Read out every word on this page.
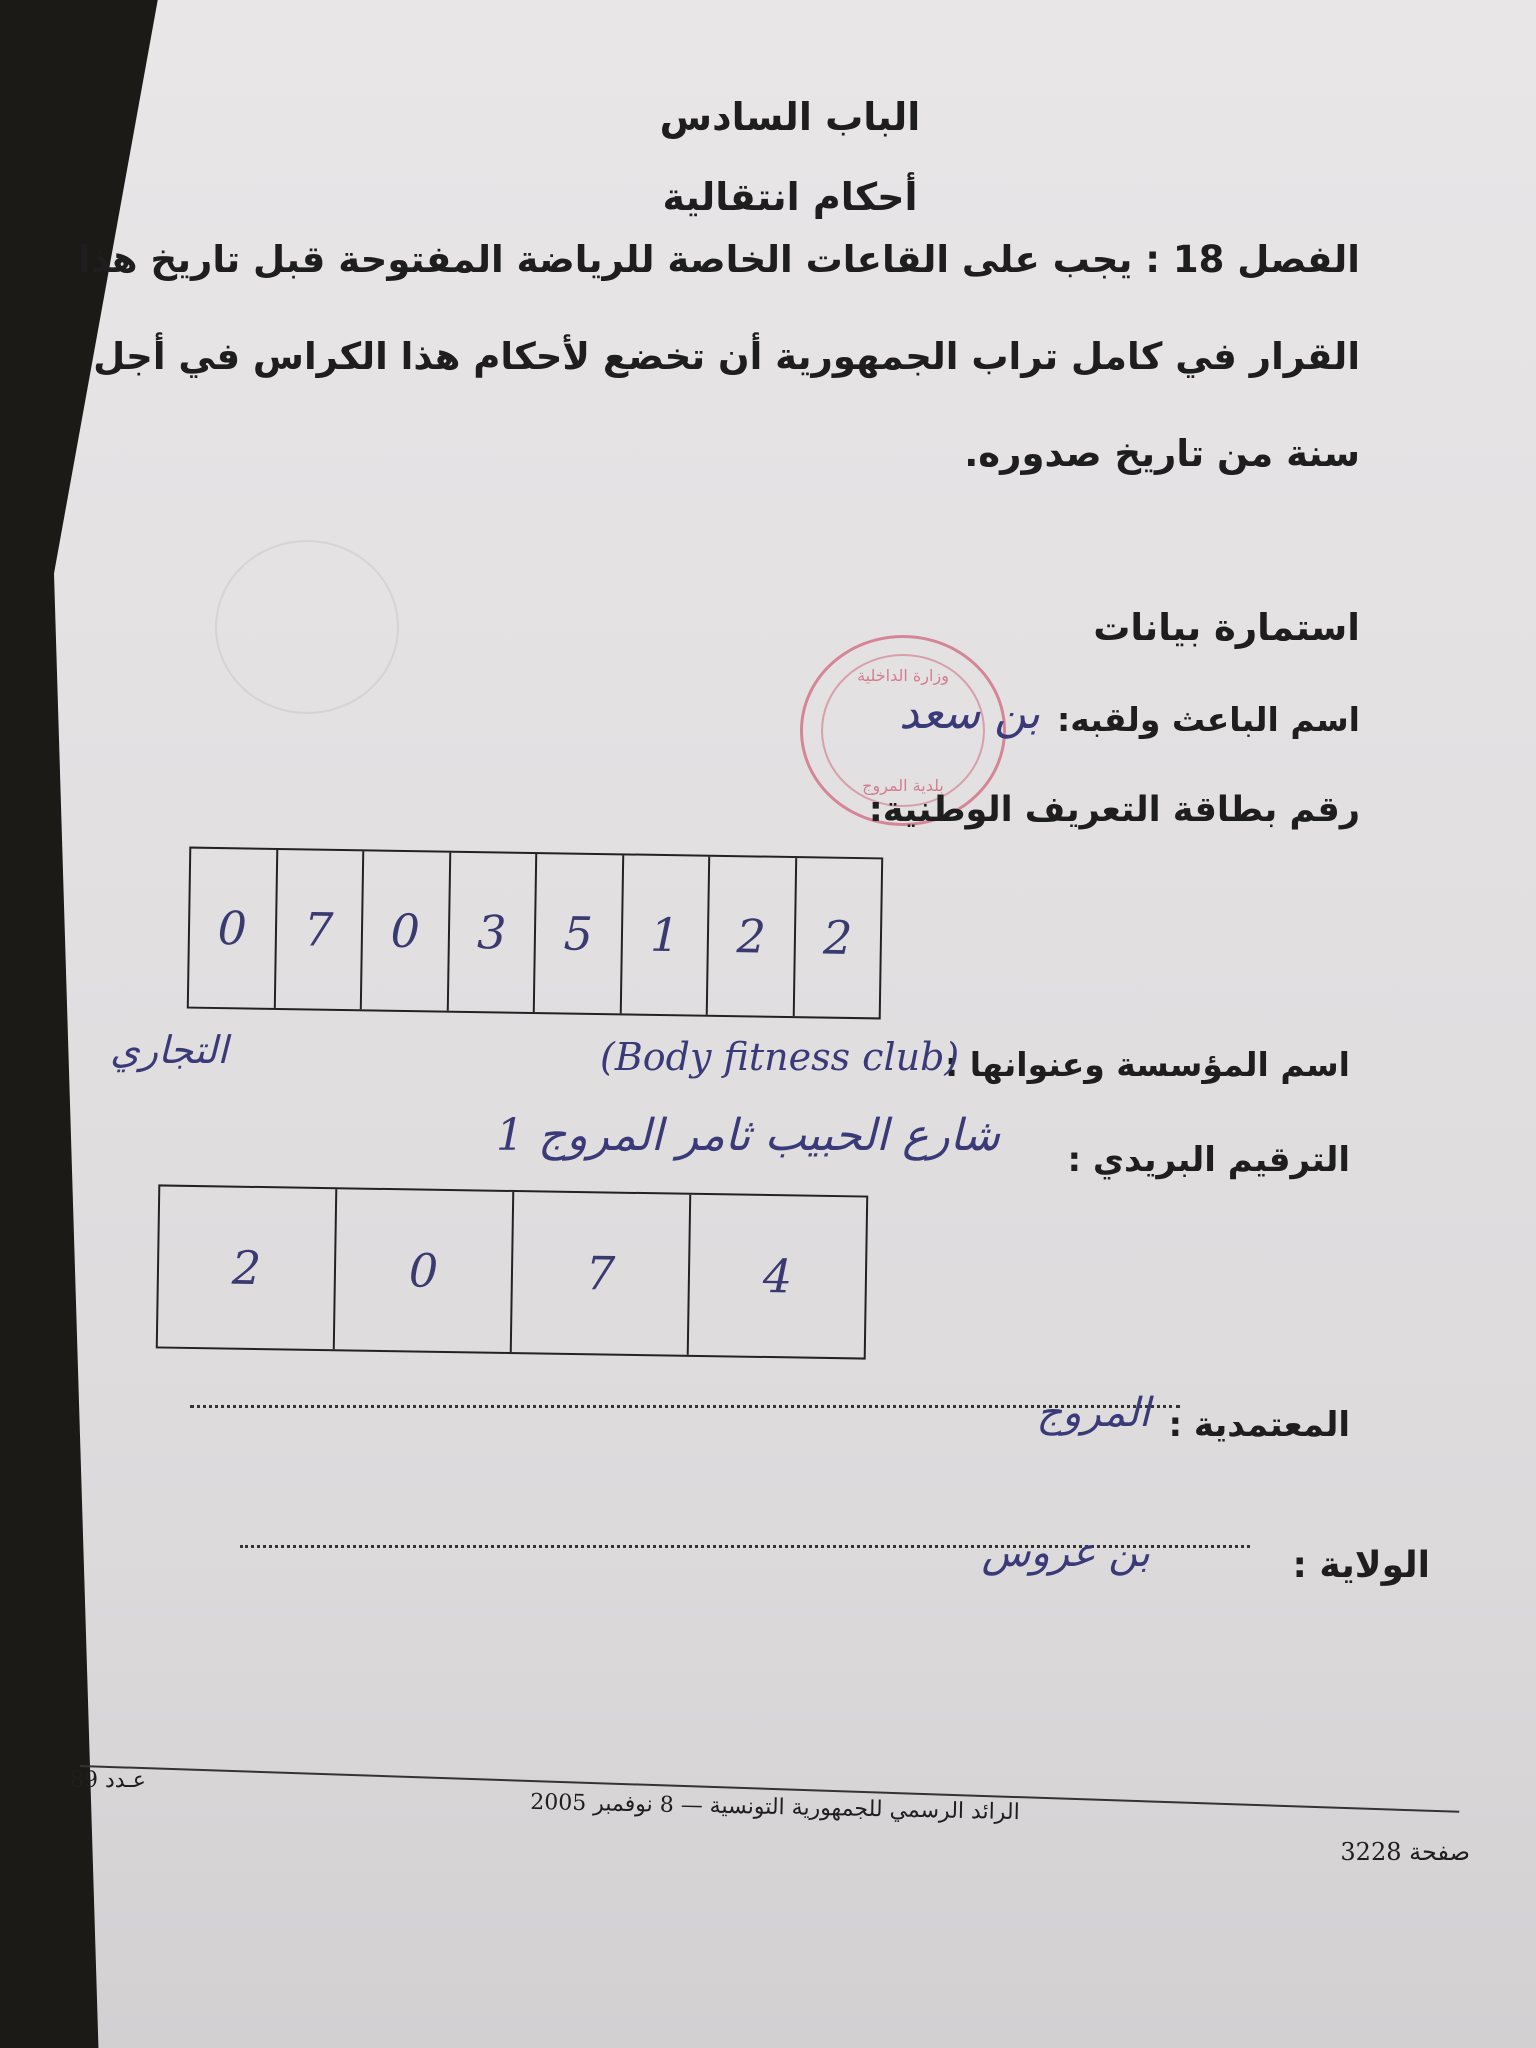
الباب السادس
أحكام انتقالية
الفصل 18 : يجب على القاعات الخاصة للرياضة المفتوحة قبل تاريخ هذا
القرار في كامل تراب الجمهورية أن تخضع لأحكام هذا الكراس في أجل
سنة من تاريخ صدوره.
استمارة بيانات
وزارة الداخلية
بلدية المروج
اسم الباعث ولقبه:
بن سعد
رقم بطاقة التعريف الوطنية:
0	7	0	3	5	1	2	2
اسم المؤسسة وعنوانها :
التجاري	(Body fitness club)
شارع الحبيب ثامر المروج 1 الترقيم البريدي :
2	0	7	4
المروج المعتمدية :
بن عروس	الولاية :
عـدد 89
الرائد الرسمي للجمهورية التونسية — 8 نوفمبر 2005
صفحة 3228
